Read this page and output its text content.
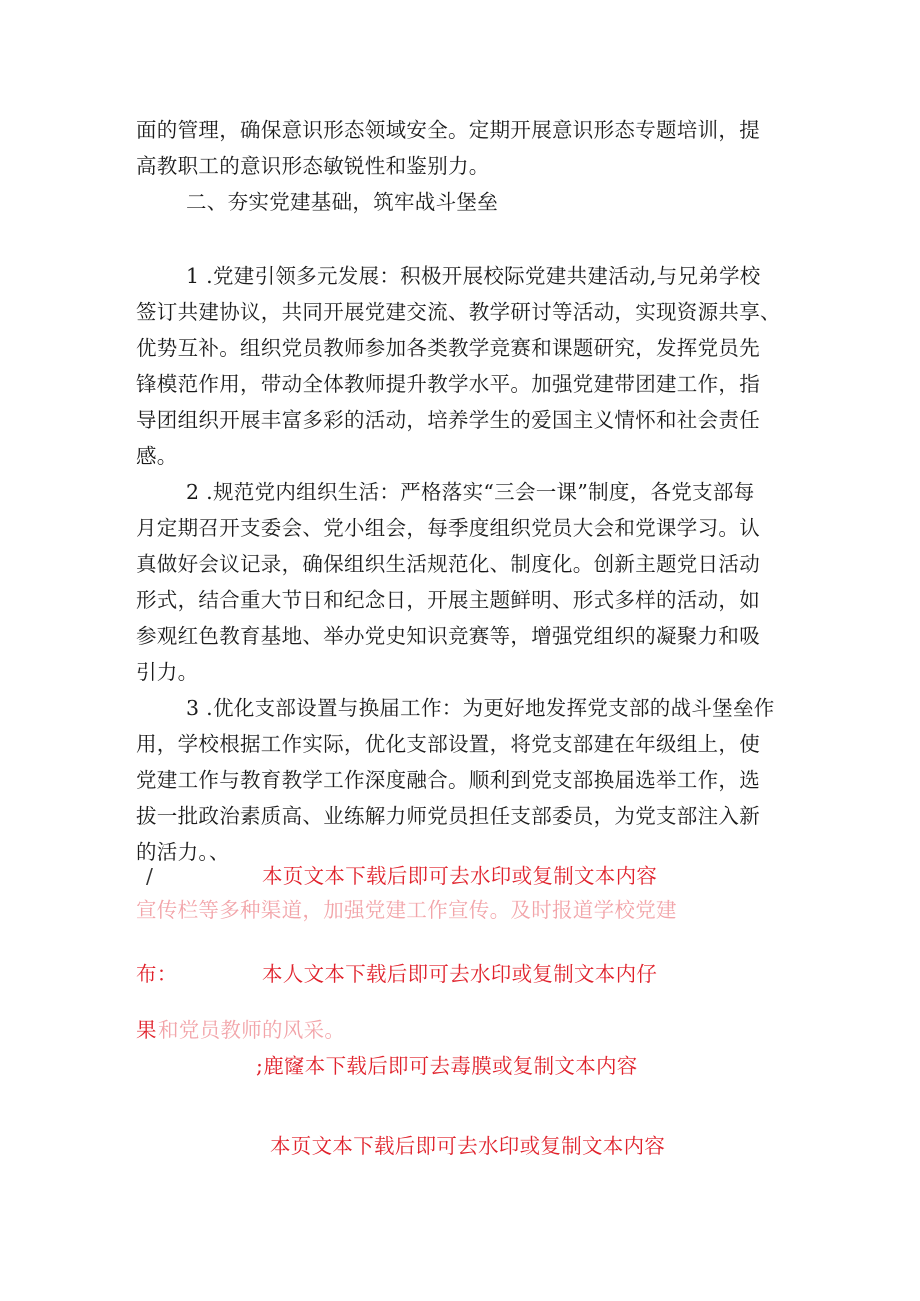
面的管理，确保意识形态领域安全。定期开展意识形态专题培训，提
高教职工的意识形态敏锐性和鉴别力。
二、夯实党建基础，筑牢战斗堡垒
1 .党建引领多元发展：积极开展校际党建共建活动,与兄弟学校
签订共建协议，共同开展党建交流、教学研讨等活动，实现资源共享、
优势互补。组织党员教师参加各类教学竞赛和课题研究，发挥党员先
锋模范作用，带动全体教师提升教学水平。加强党建带团建工作，指
导团组织开展丰富多彩的活动，培养学生的爱国主义情怀和社会责任
感。
2 .规范党内组织生活：严格落实“三会一课”制度，各党支部每
月定期召开支委会、党小组会，每季度组织党员大会和党课学习。认
真做好会议记录，确保组织生活规范化、制度化。创新主题党日活动
形式，结合重大节日和纪念日，开展主题鲜明、形式多样的活动，如
参观红色教育基地、举办党史知识竞赛等，增强党组织的凝聚力和吸
引力。
3 .优化支部设置与换届工作：为更好地发挥党支部的战斗堡垒作
用，学校根据工作实际，优化支部设置，将党支部建在年级组上，使
党建工作与教育教学工作深度融合。顺利到党支部换届选举工作，选
拔一批政治素质高、业练解力师党员担任支部委员，为党支部注入新
的活力。、
/	本页文本下载后即可去水印或复制文本内容
宣传栏等多种渠道，加强党建工作宣传。及时报道学校党建
布：	本人文本下载后即可去水印或复制文本内仔
果 和党员教师的风采。
;鹿窿本下载后即可去毒膜或复制文本内容
本页文本下载后即可去水印或复制文本内容
